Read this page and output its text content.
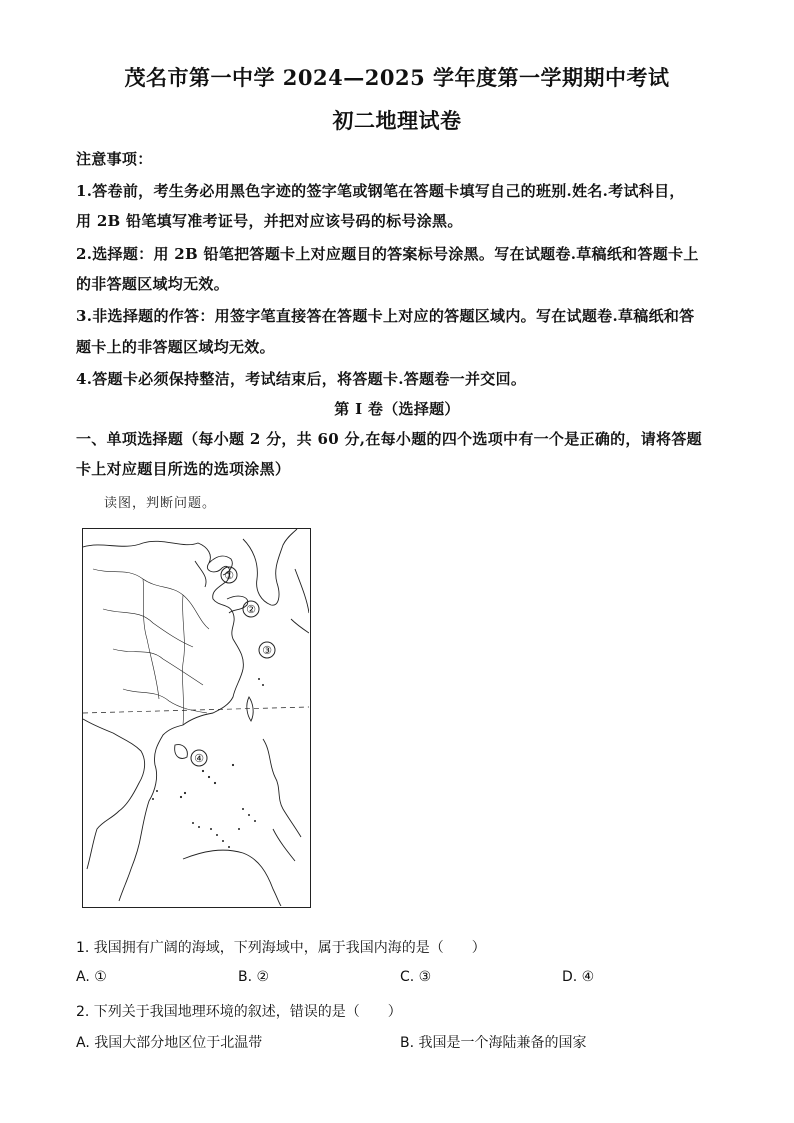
茂名市第一中学 2024—2025 学年度第一学期期中考试
初二地理试卷
注意事项：
1.答卷前，考生务必用黑色字迹的签字笔或钢笔在答题卡填写自己的班别.姓名.考试科目，
用 2B 铅笔填写准考证号，并把对应该号码的标号涂黑。
2.选择题：用 2B 铅笔把答题卡上对应题目的答案标号涂黑。写在试题卷.草稿纸和答题卡上
的非答题区域均无效。
3.非选择题的作答：用签字笔直接答在答题卡上对应的答题区域内。写在试题卷.草稿纸和答
题卡上的非答题区域均无效。
4.答题卡必须保持整洁，考试结束后，将答题卡.答题卷一并交回。
第 I 卷（选择题）
一、单项选择题（每小题 2 分，共 60 分,在每小题的四个选项中有一个是正确的，请将答题
卡上对应题目所选的选项涂黑）
读图，判断问题。
①
②
③
④
1. 我国拥有广阔的海域，下列海域中，属于我国内海的是（　　）
A. ①	B. ②	C. ③	D. ④
2. 下列关于我国地理环境的叙述，错误的是（　　）
A. 我国大部分地区位于北温带	B. 我国是一个海陆兼备的国家
